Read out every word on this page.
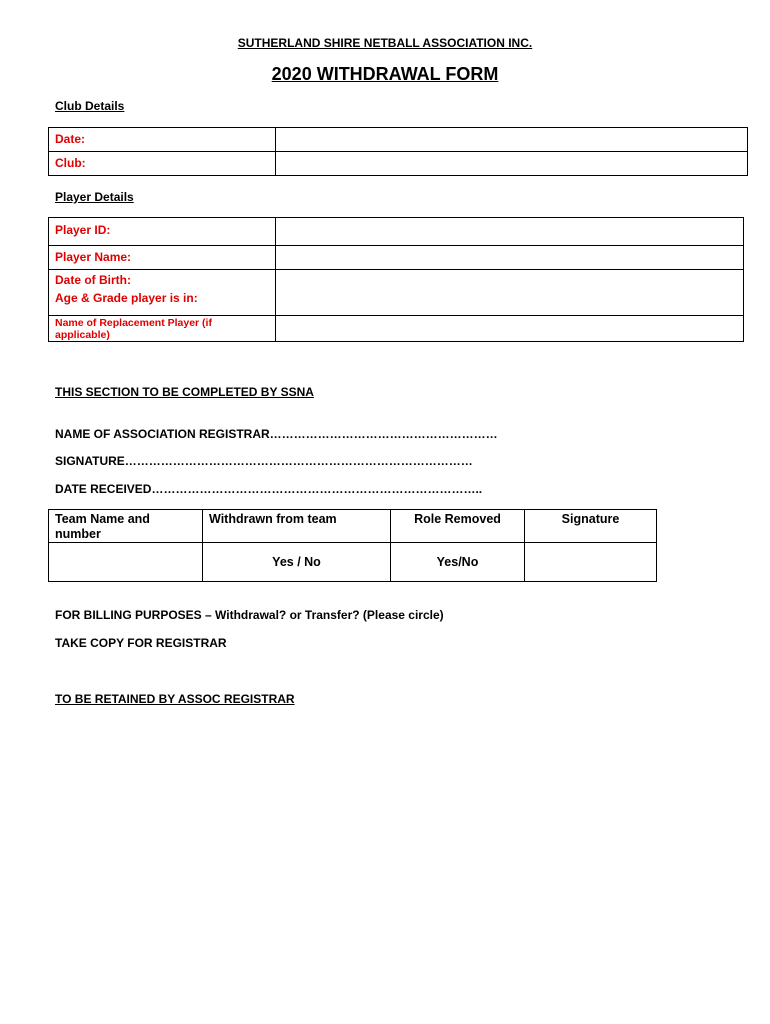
SUTHERLAND SHIRE NETBALL ASSOCIATION INC.
2020 WITHDRAWAL FORM
Club Details
Date:	
Club:	
Player Details
Player ID:	
Player Name:	

Date of Birth:
Age & Grade player is in:	

Name of Replacement Player (if applicable)	

THIS SECTION TO BE COMPLETED BY SSNA
NAME OF ASSOCIATION REGISTRAR…………………………………………………
SIGNATURE……………………………………………………………………………
DATE RECEIVED………………………………………………………………………..
Team Name and number	Withdrawn from team	Role Removed	Signature
	Yes / No	Yes/No	
FOR BILLING PURPOSES – Withdrawal? or Transfer? (Please circle)
TAKE COPY FOR REGISTRAR
TO BE RETAINED BY ASSOC REGISTRAR
